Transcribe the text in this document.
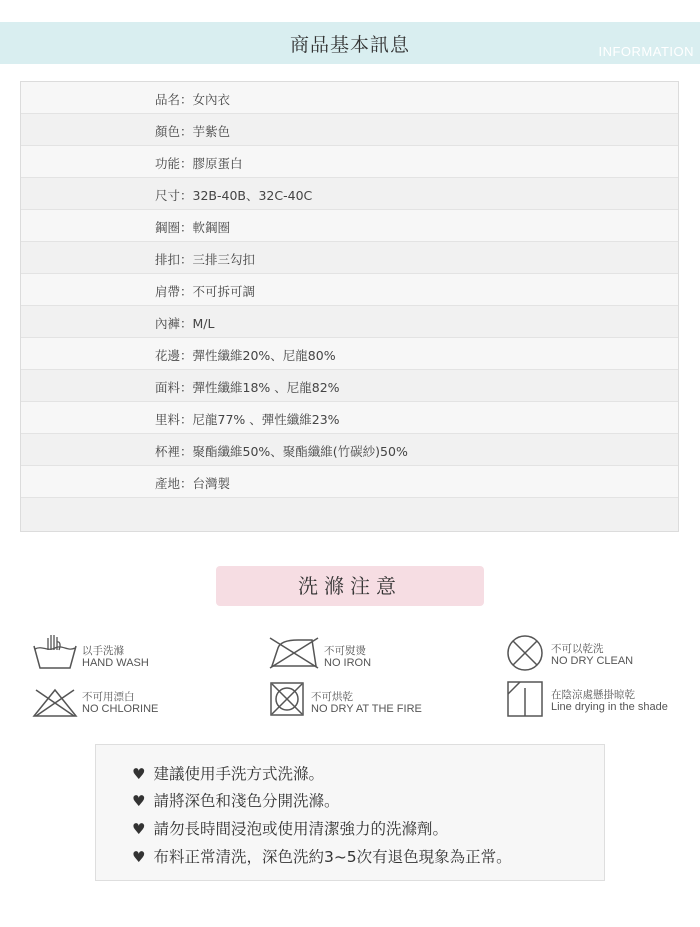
商品基本訊息	INFORMATION
品名：女內衣
顏色：芋紫色
功能：膠原蛋白
尺寸：32B-40B、32C-40C
鋼圈：軟鋼圈
排扣：三排三勾扣
肩帶：不可拆可調
內褲：M/L
花邊：彈性纖維20%、尼龍80%
面料：彈性纖維18% 、尼龍82%
里料：尼龍77% 、彈性纖維23%
杯裡：聚酯纖維50%、聚酯纖維(竹碳紗)50%
產地：台灣製
洗滌注意
以手洗滌
HAND WASH
不可熨燙
NO IRON
不可以乾洗
NO DRY CLEAN
不可用漂白
NO CHLORINE
不可烘乾
NO DRY AT THE FIRE
在陰涼處懸掛晾乾
Line drying in the shade
♥ 建議使用手洗方式洗滌。
♥ 請將深色和淺色分開洗滌。
♥ 請勿長時間浸泡或使用清潔強力的洗滌劑。
♥ 布料正常清洗，深色洗約3~5次有退色現象為正常。
